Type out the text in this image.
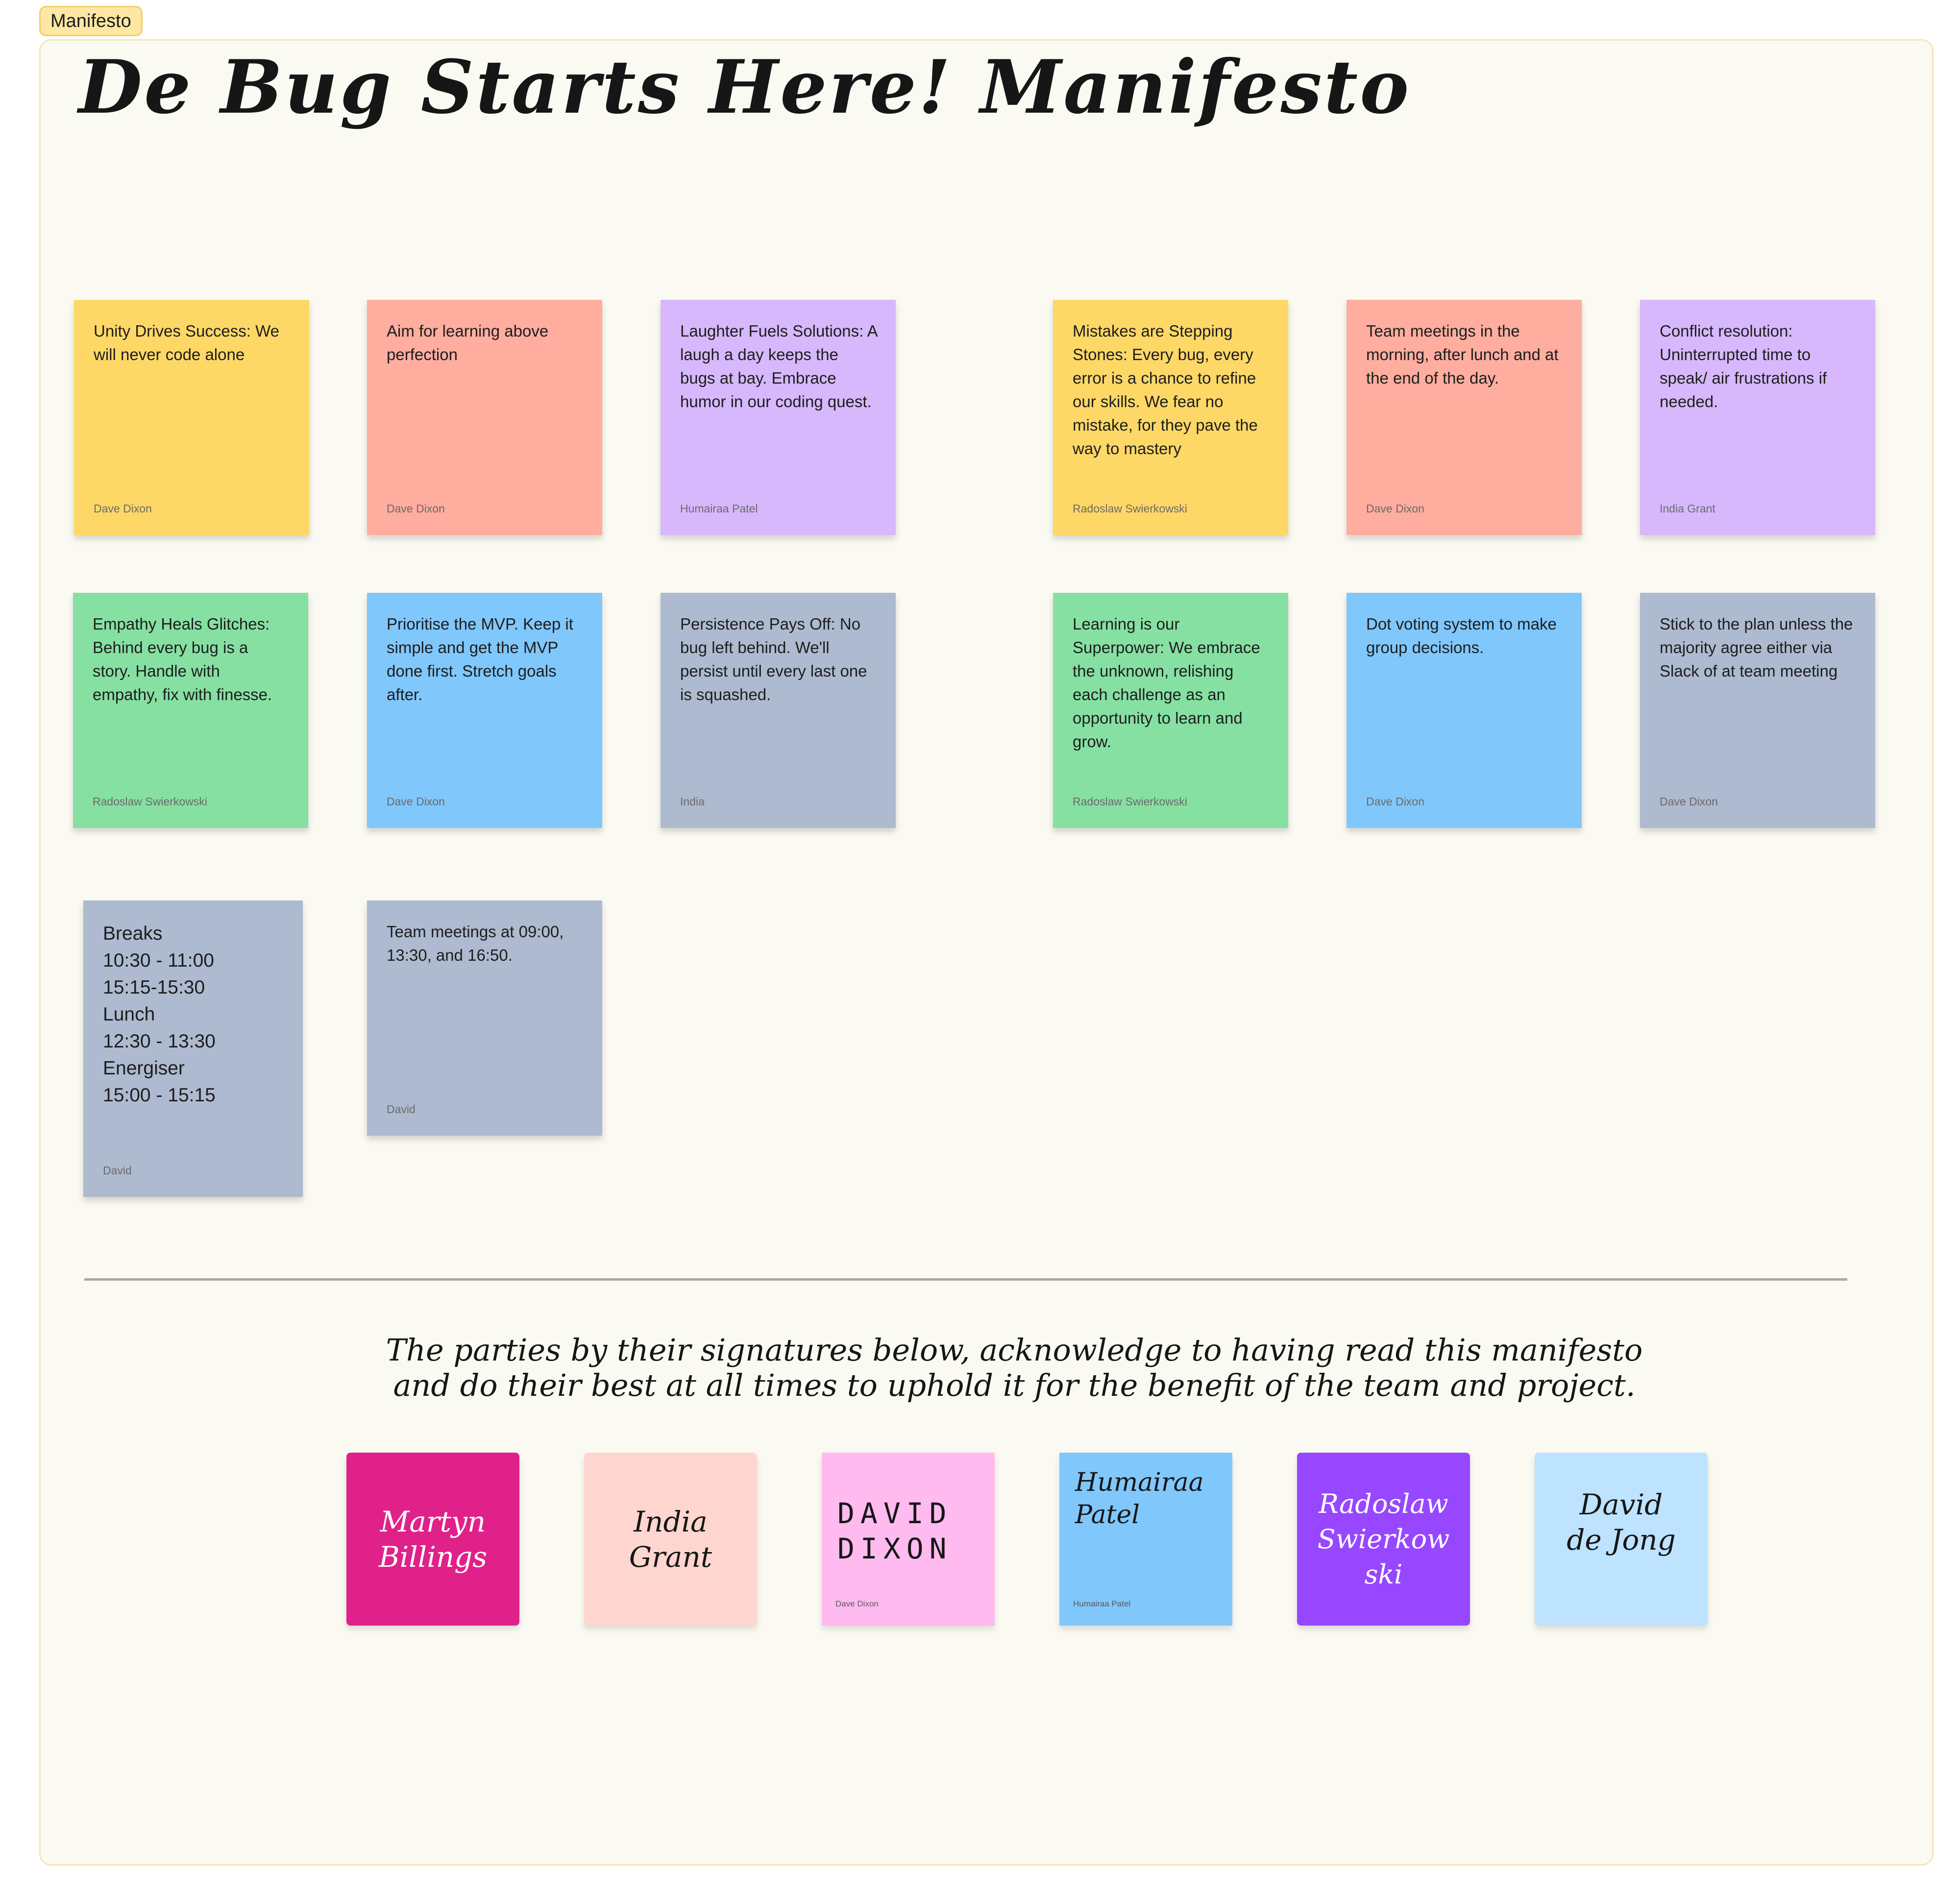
Manifesto
De Bug Starts Here! Manifesto
Unity Drives Success: We will never code alone
Dave Dixon
Aim for learning above perfection
Dave Dixon
Laughter Fuels Solutions: A laugh a day keeps the bugs at bay. Embrace humor in our coding quest.
Humairaa Patel
Mistakes are Stepping Stones: Every bug, every error is a chance to refine our skills. We fear no mistake, for they pave the way to mastery
Radoslaw Swierkowski
Team meetings in the morning, after lunch and at the end of the day.
Dave Dixon
Conflict resolution: Uninterrupted time to speak/ air frustrations if needed.
India Grant
Empathy Heals Glitches: Behind every bug is a story. Handle with empathy, fix with finesse.
Radoslaw Swierkowski
Prioritise the MVP. Keep it simple and get the MVP done first. Stretch goals after.
Dave Dixon
Persistence Pays Off: No bug left behind. We'll persist until every last one is squashed.
India
Learning is our Superpower: We embrace the unknown, relishing each challenge as an opportunity to learn and grow.
Radoslaw Swierkowski
Dot voting system to make group decisions.
Dave Dixon
Stick to the plan unless the majority agree either via Slack of at team meeting
Dave Dixon
Breaks
10:30 - 11:00
15:15-15:30
Lunch
12:30 - 13:30
Energiser
15:00 - 15:15
David
Team meetings at 09:00, 13:30, and 16:50.
David
The parties by their signatures below, acknowledge to having read this manifesto
and do their best at all times to uphold it for the benefit of the team and project.
Martyn
Billings
India
Grant
DAVID
DIXON
Dave Dixon
Humairaa
Patel
Humairaa Patel
Radoslaw
Swierkow
ski
David
de Jong
